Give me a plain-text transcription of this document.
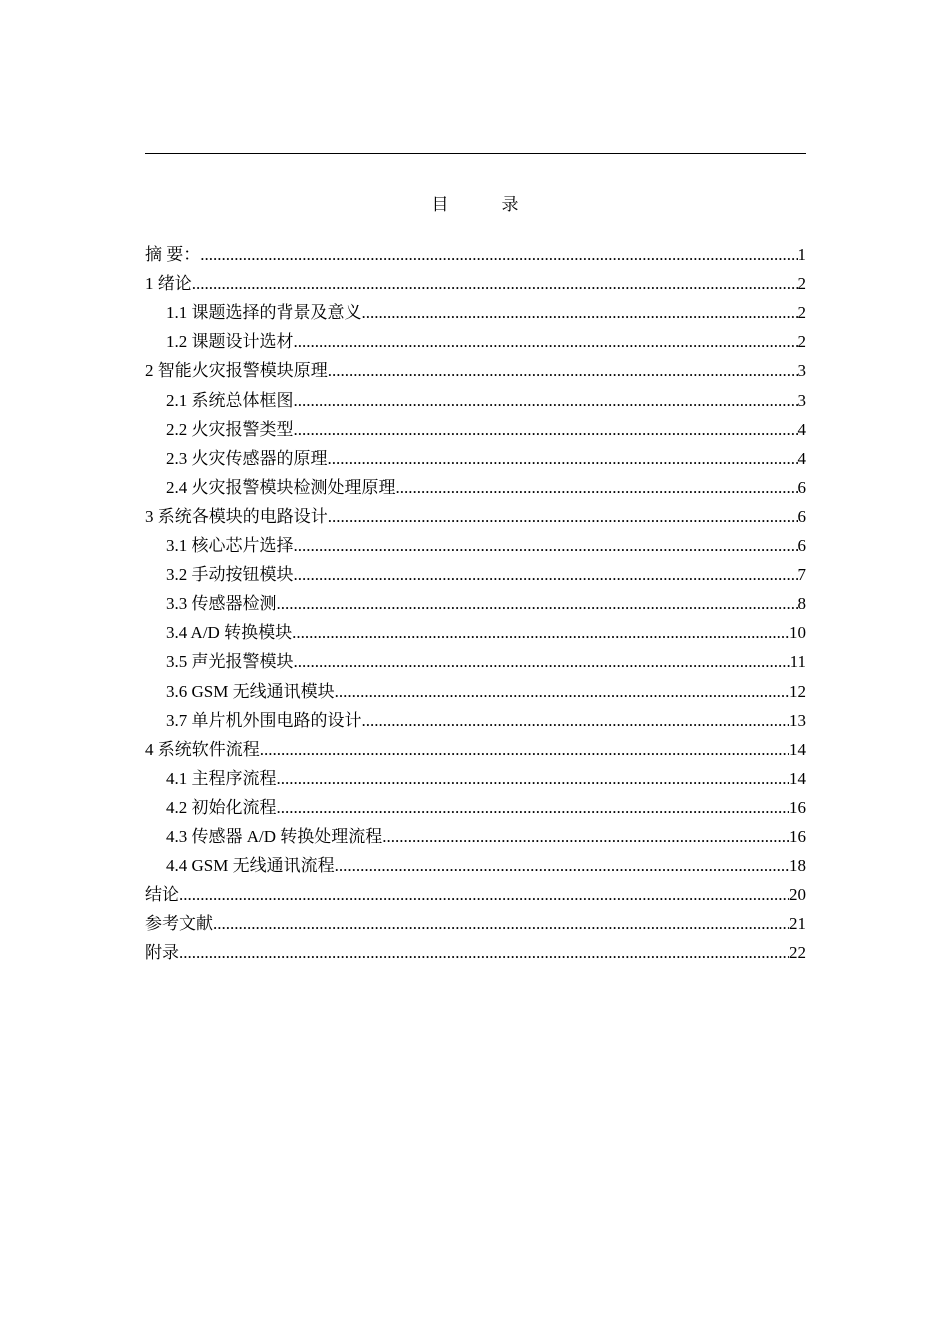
目　录
摘 要： .....	1
1 绪论 .....	2
1.1 课题选择的背景及意义 .....	2
1.2 课题设计选材 .....	2
2 智能火灾报警模块原理 .....	3
2.1 系统总体框图 .....	3
2.2 火灾报警类型 .....	4
2.3 火灾传感器的原理 .....	4
2.4 火灾报警模块检测处理原理 .....	6
3 系统各模块的电路设计 .....	6
3.1 核心芯片选择 .....	6
3.2 手动按钮模块 .....	7
3.3 传感器检测 .....	8
3.4 A/D 转换模块 .....	10
3.5 声光报警模块 .....	11
3.6 GSM 无线通讯模块 .....	12
3.7 单片机外围电路的设计 .....	13
4 系统软件流程 .....	14
4.1 主程序流程 .....	14
4.2 初始化流程 .....	16
4.3 传感器 A/D 转换处理流程 .....	16
4.4 GSM 无线通讯流程 .....	18
结论 .....	20
参考文献 .....	21
附录 .....	22
